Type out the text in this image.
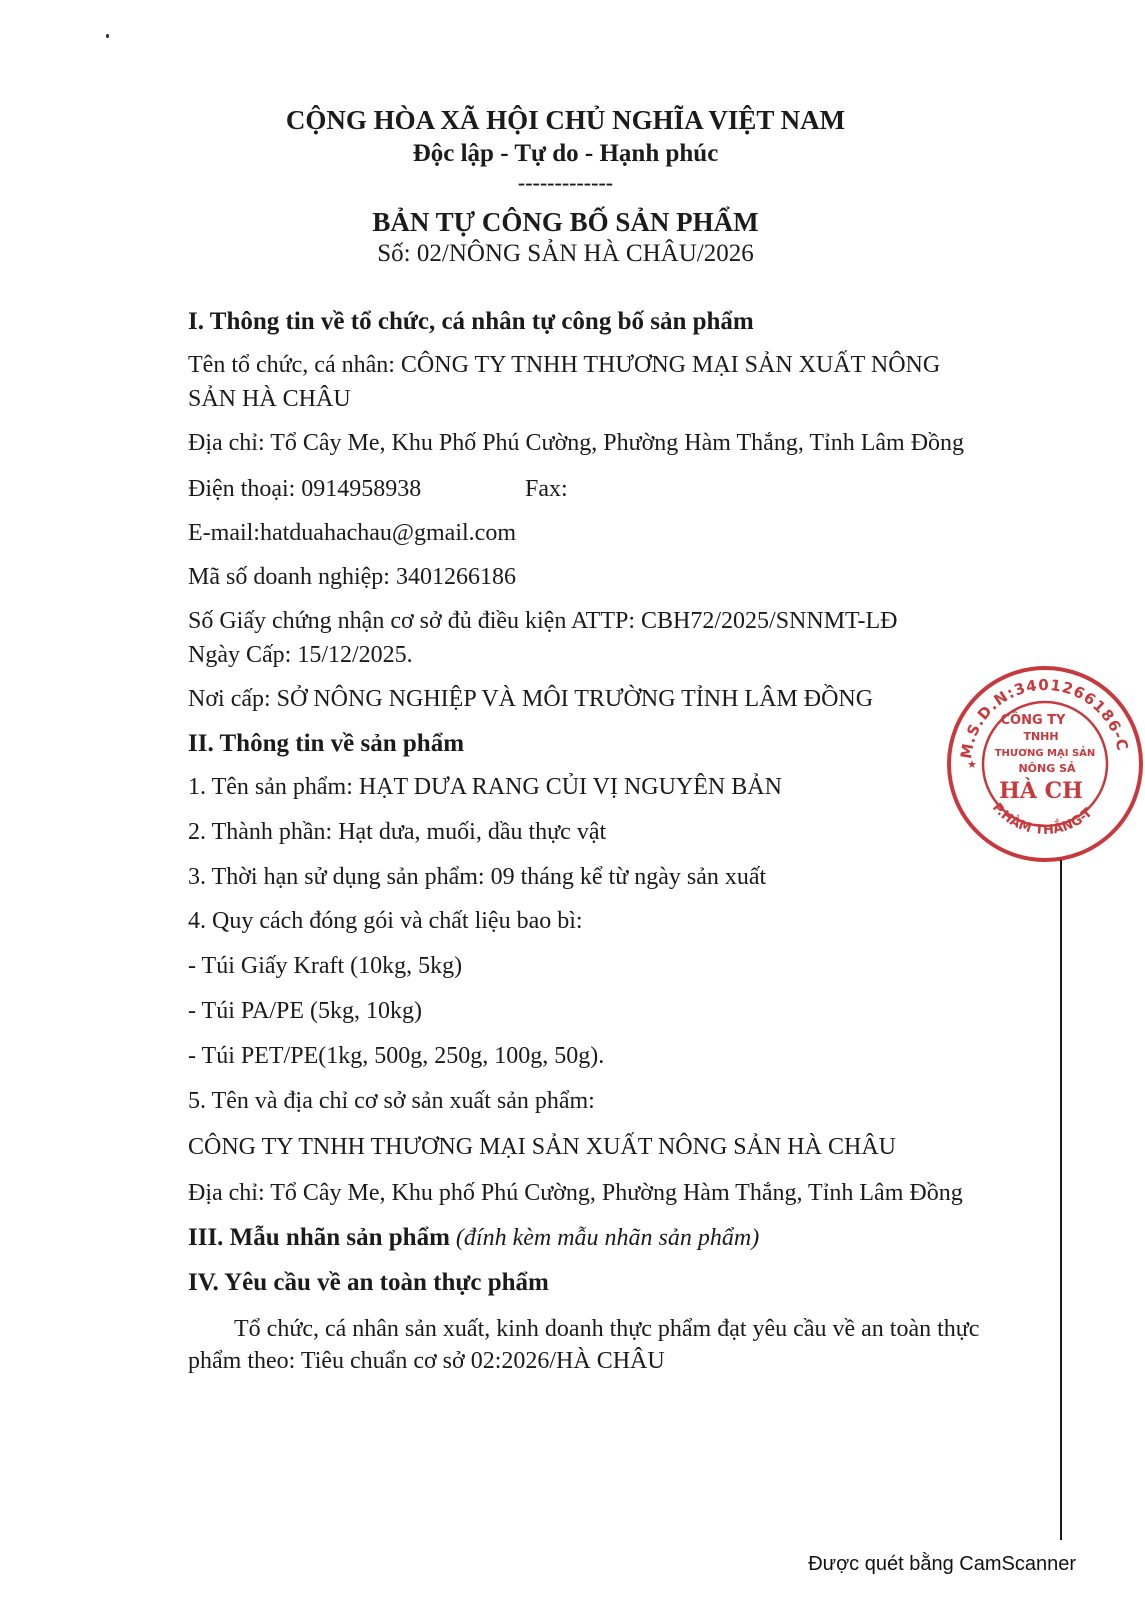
CỘNG HÒA XÃ HỘI CHỦ NGHĨA VIỆT NAM
Độc lập - Tự do - Hạnh phúc
-------------
BẢN TỰ CÔNG BỐ SẢN PHẨM
Số: 02/NÔNG SẢN HÀ CHÂU/2026
I. Thông tin về tổ chức, cá nhân tự công bố sản phẩm
Tên tổ chức, cá nhân: CÔNG TY TNHH THƯƠNG MẠI SẢN XUẤT NÔNG
SẢN HÀ CHÂU
Địa chỉ: Tổ Cây Me, Khu Phố Phú Cường, Phường Hàm Thắng, Tỉnh Lâm Đồng
Điện thoại: 0914958938	Fax:
E-mail:hatduahachau@gmail.com
Mã số doanh nghiệp: 3401266186
Số Giấy chứng nhận cơ sở đủ điều kiện ATTP: CBH72/2025/SNNMT-LĐ
Ngày Cấp: 15/12/2025.
Nơi cấp: SỞ NÔNG NGHIỆP VÀ MÔI TRƯỜNG TỈNH LÂM ĐỒNG
II. Thông tin về sản phẩm
1. Tên sản phẩm: HẠT DƯA RANG CỦI VỊ NGUYÊN BẢN
2. Thành phần: Hạt dưa, muối, dầu thực vật
3. Thời hạn sử dụng sản phẩm: 09 tháng kể từ ngày sản xuất
4. Quy cách đóng gói và chất liệu bao bì:
- Túi Giấy Kraft (10kg, 5kg)
- Túi PA/PE (5kg, 10kg)
- Túi PET/PE(1kg, 500g, 250g, 100g, 50g).
5. Tên và địa chỉ cơ sở sản xuất sản phẩm:
CÔNG TY TNHH THƯƠNG MẠI SẢN XUẤT NÔNG SẢN HÀ CHÂU
Địa chỉ: Tổ Cây Me, Khu phố Phú Cường, Phường Hàm Thắng, Tỉnh Lâm Đồng
III. Mẫu nhãn sản phẩm (đính kèm mẫu nhãn sản phẩm)
IV. Yêu cầu về an toàn thực phẩm
Tổ chức, cá nhân sản xuất, kinh doanh thực phẩm đạt yêu cầu về an toàn thực phẩm theo: Tiêu chuẩn cơ sở 02:2026/HÀ CHÂU
M.S.D.N:3401266186-C
P.HÀM THẮNG-T
CÔNG TY
TNHH
THƯƠNG MẠI SẢN
NÔNG SẢ
HÀ CH
★
Được quét bằng CamScanner
